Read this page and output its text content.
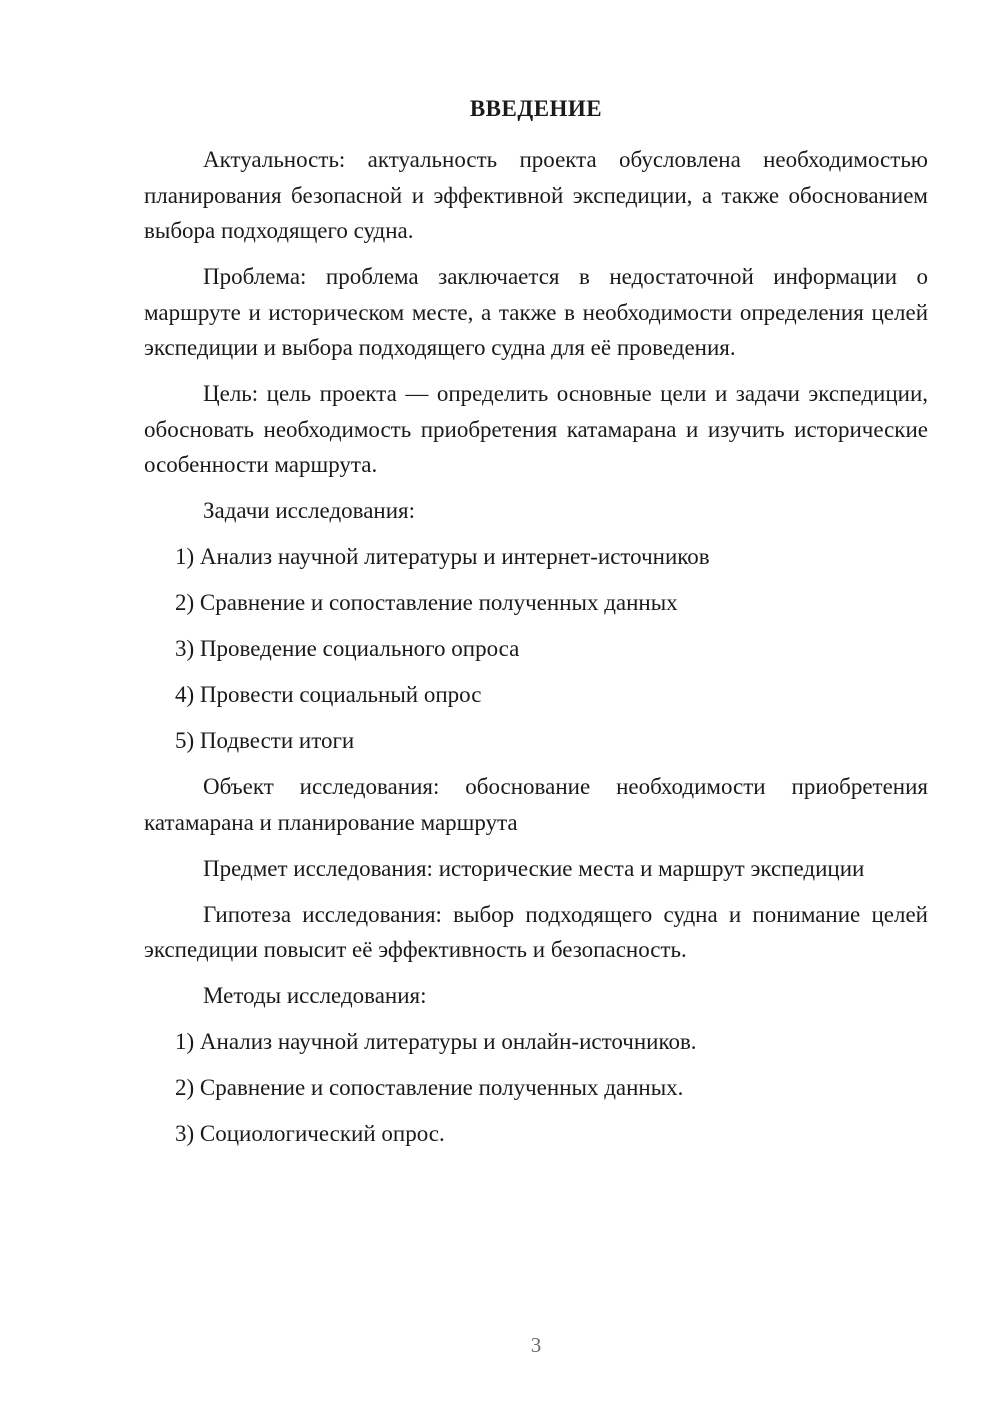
ВВЕДЕНИЕ

Актуальность: актуальность проекта обусловлена необходимостью планирования безопасной и эффективной экспедиции, а также обоснованием выбора подходящего судна.

Проблема: проблема заключается в недостаточной информации о маршруте и историческом месте, а также в необходимости определения целей экспедиции и выбора подходящего судна для её проведения.

Цель: цель проекта — определить основные цели и задачи экспедиции, обосновать необходимость приобретения катамарана и изучить исторические особенности маршрута.

Задачи исследования:

1) Анализ научной литературы и интернет-источников
2) Сравнение и сопоставление полученных данных
3) Проведение социального опроса
4) Провести социальный опрос
5) Подвести итоги

Объект исследования: обоснование необходимости приобретения катамарана и планирование маршрута

Предмет исследования: исторические места и маршрут экспедиции

Гипотеза исследования: выбор подходящего судна и понимание целей экспедиции повысит её эффективность и безопасность.

Методы исследования:

1) Анализ научной литературы и онлайн-источников.
2) Сравнение и сопоставление полученных данных.
3) Социологический опрос.
3
